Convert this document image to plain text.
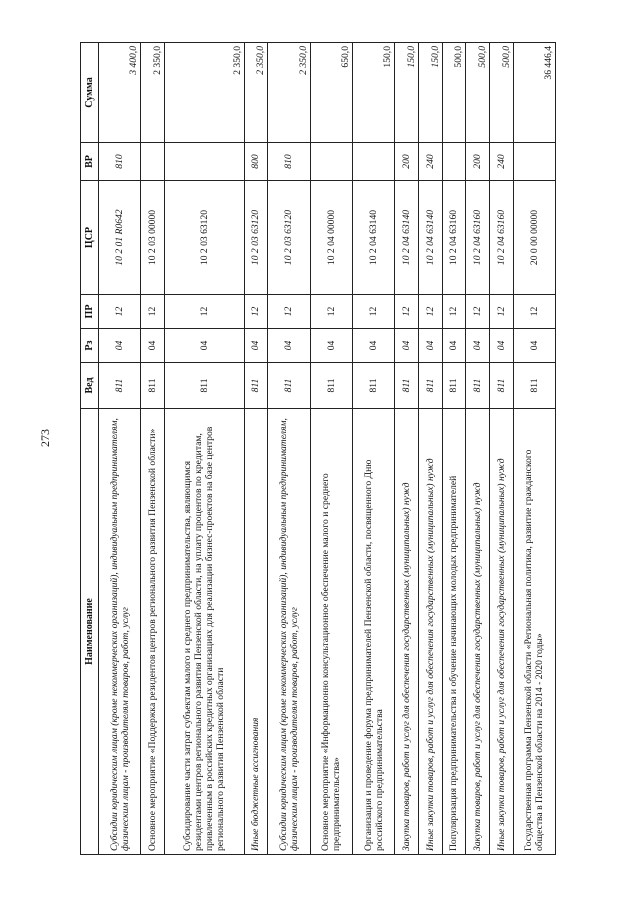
273
Наименование	Вед	Рз	ПР	ЦСР	ВР	Сумма
Субсидии юридическим лицам (кроме некоммерческих организаций), индивидуальным предпринимателям, физическим лицам - производителям товаров, работ, услуг	811	04	12	10 2 01 R0642	810	3 400,0
Основное мероприятие «Поддержка резидентов центров регионального развития Пензенской области»	811	04	12	10 2 03 00000		2 350,0
Субсидирование части затрат субъектам малого и среднего предпринимательства, являющимся резидентами центров регионального развития Пензенской области, на уплату процентов по кредитам, привлеченным в российских кредитных организациях для реализации бизнес-проектов на базе центров регионального развития Пензенской области	811	04	12	10 2 03 63120		2 350,0
Иные бюджетные ассигнования	811	04	12	10 2 03 63120	800	2 350,0
Субсидии юридическим лицам (кроме некоммерческих организаций), индивидуальным предпринимателям, физическим лицам - производителям товаров, работ, услуг	811	04	12	10 2 03 63120	810	2 350,0
Основное мероприятие «Информационно консультационное обеспечение малого и среднего предпринимательства»	811	04	12	10 2 04 00000		650,0
Организация и проведение форума предпринимателей Пензенской области, посвященного Дню российского предпринимательства	811	04	12	10 2 04 63140		150,0
Закупка товаров, работ и услуг для обеспечения государственных (муниципальных) нужд	811	04	12	10 2 04 63140	200	150,0
Иные закупки товаров, работ и услуг для обеспечения государственных (муниципальных) нужд	811	04	12	10 2 04 63140	240	150,0
Популяризация предпринимательства и обучение начинающих молодых предпринимателей	811	04	12	10 2 04 63160		500,0
Закупка товаров, работ и услуг для обеспечения государственных (муниципальных) нужд	811	04	12	10 2 04 63160	200	500,0
Иные закупки товаров, работ и услуг для обеспечения государственных (муниципальных) нужд	811	04	12	10 2 04 63160	240	500,0
Государственная программа Пензенской области «Региональная политика, развитие гражданского общества в Пензенской области на 2014 - 2020 годы»	811	04	12	20 0 00 00000		36 446,4
